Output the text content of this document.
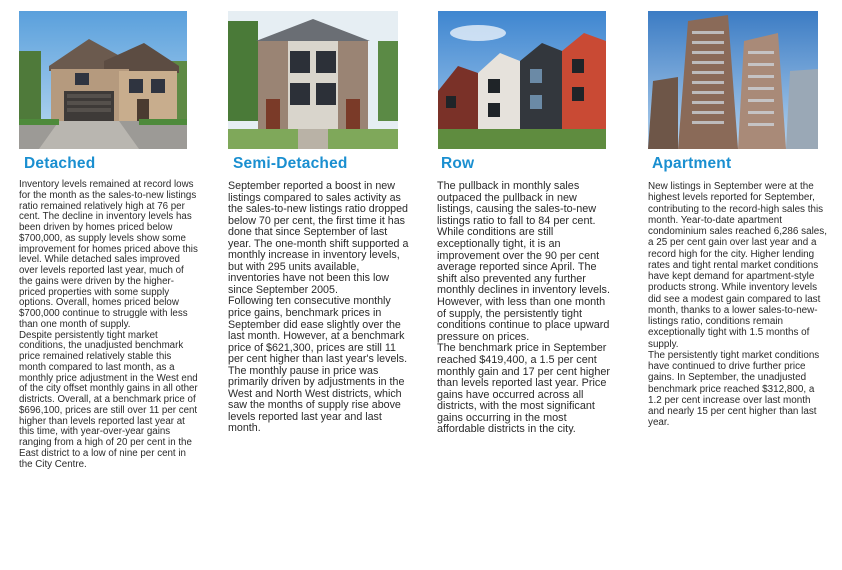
Detached

Inventory levels remained at record lows for the month as the sales-to-new listings ratio remained relatively high at 76 per cent. The decline in inventory levels has been driven by homes priced below $700,000, as supply levels show some improvement for homes priced above this level. While detached sales improved over levels reported last year, much of the gains were driven by the higher-priced properties with some supply options. Overall, homes priced below $700,000 continue to struggle with less than one month of supply.

Despite persistently tight market conditions, the unadjusted benchmark price remained relatively stable this month compared to last month, as a monthly price adjustment in the West end of the city offset monthly gains in all other districts. Overall, at a benchmark price of $696,100, prices are still over 11 per cent higher than levels reported last year at this time, with year-over-year gains ranging from a high of 20 per cent in the East district to a low of nine per cent in the City Centre.

Semi-Detached

September reported a boost in new listings compared to sales activity as the sales-to-new listings ratio dropped below 70 per cent, the first time it has done that since September of last year. The one-month shift supported a monthly increase in inventory levels, but with 295 units available, inventories have not been this low since September 2005.

Following ten consecutive monthly price gains, benchmark prices in September did ease slightly over the last month. However, at a benchmark price of $621,300, prices are still 11 per cent higher than last year's levels. The monthly pause in price was primarily driven by adjustments in the West and North West districts, which saw the months of supply rise above levels reported last year and last month.

Row

The pullback in monthly sales outpaced the pullback in new listings, causing the sales-to-new listings ratio to fall to 84 per cent. While conditions are still exceptionally tight, it is an improvement over the 90 per cent average reported since April. The shift also prevented any further monthly declines in inventory levels. However, with less than one month of supply, the persistently tight conditions continue to place upward pressure on prices.

The benchmark price in September reached $419,400, a 1.5 per cent monthly gain and 17 per cent higher than levels reported last year. Price gains have occurred across all districts, with the most significant gains occurring in the most affordable districts in the city.

Apartment

New listings in September were at the highest levels reported for September, contributing to the record-high sales this month. Year-to-date apartment condominium sales reached 6,286 sales, a 25 per cent gain over last year and a record high for the city. Higher lending rates and tight rental market conditions have kept demand for apartment-style products strong. While inventory levels did see a modest gain compared to last month, thanks to a lower sales-to-new-listings ratio, conditions remain exceptionally tight with 1.5 months of supply.

The persistently tight market conditions have continued to drive further price gains. In September, the unadjusted benchmark price reached $312,800, a 1.2 per cent increase over last month and nearly 15 per cent higher than last year.
